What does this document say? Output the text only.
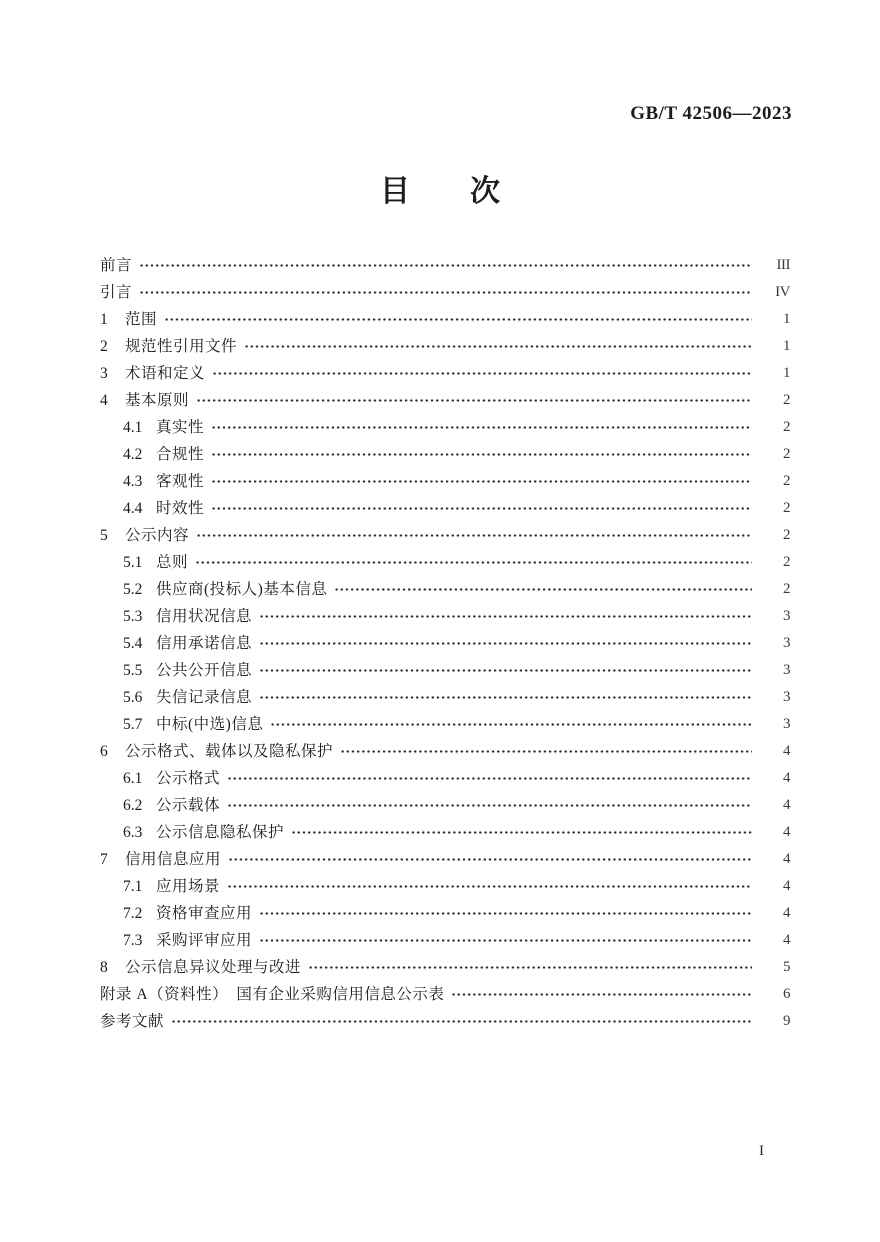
GB/T 42506—2023
目　　次
前言	III
引言	IV
1	范围	1
2	规范性引用文件	1
3	术语和定义	1
4	基本原则	2
4.1 真实性	2
4.2 合规性	2
4.3 客观性	2
4.4 时效性	2
5	公示内容	2
5.1 总则	2
5.2 供应商(投标人)基本信息	2
5.3 信用状况信息	3
5.4 信用承诺信息	3
5.5 公共公开信息	3
5.6 失信记录信息	3
5.7 中标(中选)信息	3
6	公示格式、载体以及隐私保护	4
6.1 公示格式	4
6.2 公示载体	4
6.3 公示信息隐私保护	4
7	信用信息应用	4
7.1 应用场景	4
7.2 资格审查应用	4
7.3 采购评审应用	4
8	公示信息异议处理与改进	5
附录 A（资料性）　国有企业采购信用信息公示表	6
参考文献	9
I
